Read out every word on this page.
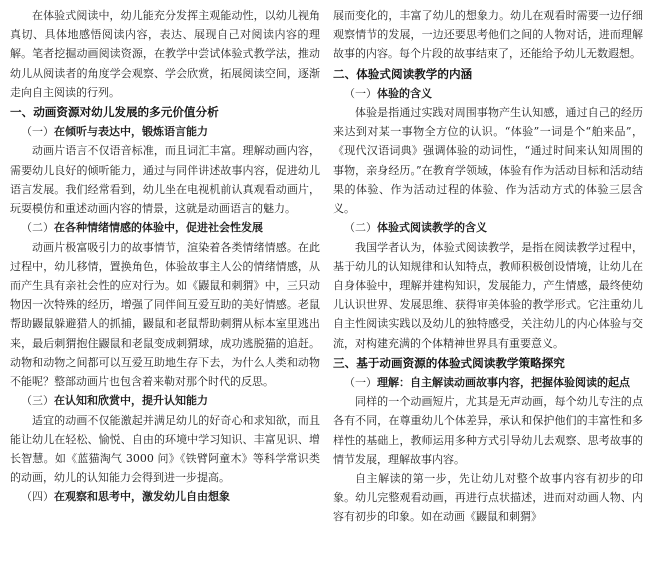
在体验式阅读中，幼儿能充分发挥主观能动性，以幼儿视角真切、具体地感悟阅读内容，表达、展现自己对阅读内容的理解。笔者挖掘动画阅读资源，在教学中尝试体验式教学法，推动幼儿从阅读者的角度学会观察、学会欣赏，拓展阅读空间，逐渐走向自主阅读的行列。

一、动画资源对幼儿发展的多元价值分析

（一）在倾听与表达中，锻炼语言能力

动画片语言不仅语音标准，而且词汇丰富。理解动画内容，需要幼儿良好的倾听能力，通过与同伴讲述故事内容，促进幼儿语言发展。我们经常看到，幼儿坐在电视机前认真观看动画片，玩耍模仿和重述动画内容的情景，这就是动画语言的魅力。

（二）在各种情绪情感的体验中，促进社会性发展

动画片极富吸引力的故事情节，渲染着各类情绪情感。在此过程中，幼儿移情，置换角色，体验故事主人公的情绪情感，从而产生具有亲社会性的应对行为。如《鼹鼠和刺猬》中，三只动物因一次特殊的经历，增强了同伴间互爱互助的美好情感。老鼠帮助鼹鼠躲避猎人的抓捕，鼹鼠和老鼠帮助刺猬从标本室里逃出来，最后刺猬抱住鼹鼠和老鼠变成刺猬球，成功逃脱猫的追赶。动物和动物之间都可以互爱互助地生存下去，为什么人类和动物不能呢？整部动画片也包含着来勒对那个时代的反思。

（三）在认知和欣赏中，提升认知能力

适宜的动画不仅能激起并满足幼儿的好奇心和求知欲，而且能让幼儿在轻松、愉悦、自由的环境中学习知识、丰富见识、增长智慧。如《蓝猫淘气 3000 问》《铁臂阿童木》等科学常识类的动画，幼儿的认知能力会得到进一步提高。

（四）在观察和思考中，激发幼儿自由想象

展而变化的，丰富了幼儿的想象力。幼儿在观看时需要一边仔细观察情节的发展，一边还要思考他们之间的人物对话，进而理解故事的内容。每个片段的故事结束了，还能给予幼儿无数遐想。

二、体验式阅读教学的内涵

（一）体验的含义

体验是指通过实践对周围事物产生认知感，通过自己的经历来达到对某一事物全方位的认识。“体验”一词是个“舶来品”，《现代汉语词典》强调体验的动词性，“通过时间来认知周围的事物，亲身经历。”在教育学领域，体验有作为活动目标和活动结果的体验、作为活动过程的体验、作为活动方式的体验三层含义。

（二）体验式阅读教学的含义

我国学者认为，体验式阅读教学，是指在阅读教学过程中，基于幼儿的认知规律和认知特点，教师积极创设情境，让幼儿在自身体验中，理解并建构知识，发展能力，产生情感，最终使幼儿认识世界、发展思维、获得审美体验的教学形式。它注重幼儿自主性阅读实践以及幼儿的独特感受，关注幼儿的内心体验与交流，对构建充满的个体精神世界具有重要意义。

三、基于动画资源的体验式阅读教学策略探究

（一）理解：自主解读动画故事内容，把握体验阅读的起点

同样的一个动画短片，尤其是无声动画，每个幼儿专注的点各有不同，在尊重幼儿个体差异，承认和保护他们的丰富性和多样性的基础上，教师运用多种方式引导幼儿去观察、思考故事的情节发展，理解故事内容。

自主解读的第一步，先让幼儿对整个故事内容有初步的印象。幼儿完整观看动画，再进行点状描述，进而对动画人物、内容有初步的印象。如在动画《鼹鼠和刺猬》
